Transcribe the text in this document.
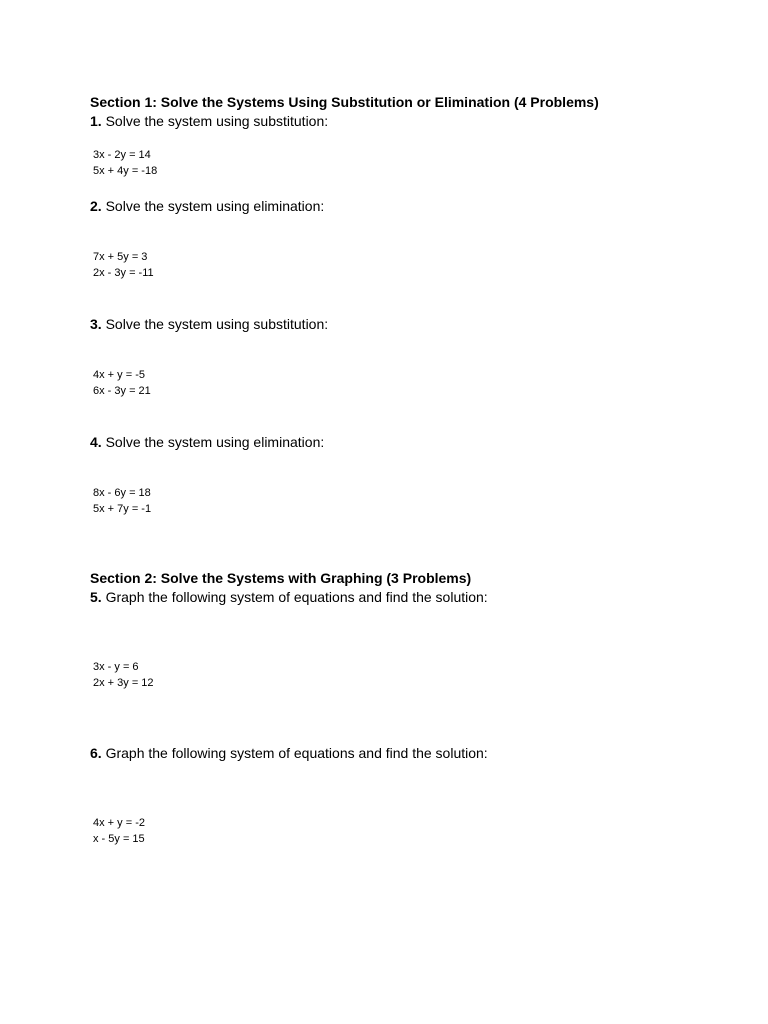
Section 1: Solve the Systems Using Substitution or Elimination (4 Problems)
1. Solve the system using substitution:
3x - 2y = 14
5x + 4y = -18
2. Solve the system using elimination:
7x + 5y = 3
2x - 3y = -11
3. Solve the system using substitution:
4x + y = -5
6x - 3y = 21
4. Solve the system using elimination:
8x - 6y = 18
5x + 7y = -1
Section 2: Solve the Systems with Graphing (3 Problems)
5. Graph the following system of equations and find the solution:
3x - y = 6
2x + 3y = 12
6. Graph the following system of equations and find the solution:
4x + y = -2
x - 5y = 15
